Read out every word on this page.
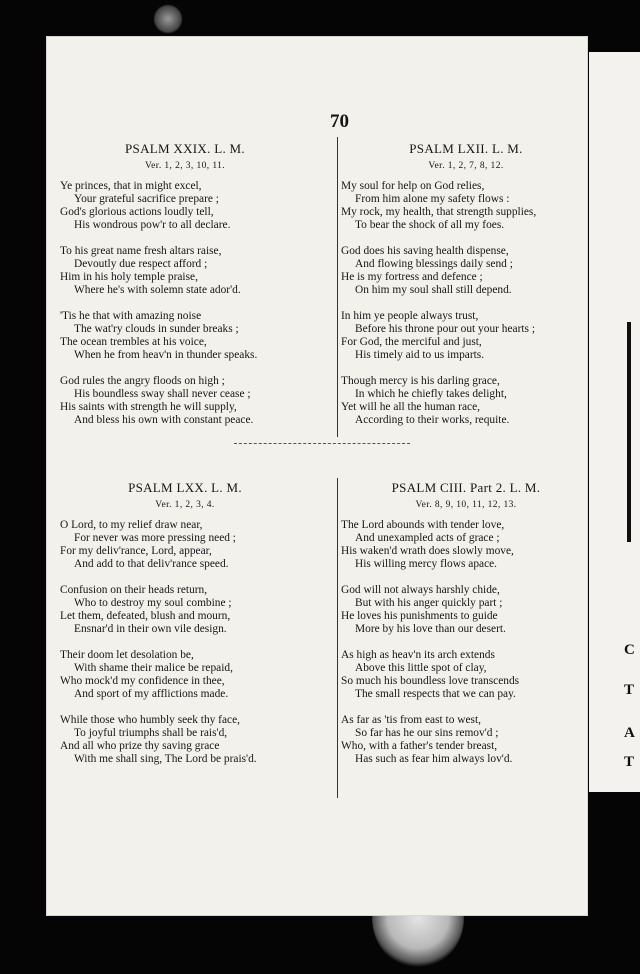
C
T
A
T
70
PSALM XXIX. L. M.
Ver. 1, 2, 3, 10, 11.
Ye princes, that in might excel,
Your grateful sacrifice prepare ;
God's glorious actions loudly tell,
His wondrous pow'r to all declare.
To his great name fresh altars raise,
Devoutly due respect afford ;
Him in his holy temple praise,
Where he's with solemn state ador'd.
'Tis he that with amazing noise
The wat'ry clouds in sunder breaks ;
The ocean trembles at his voice,
When he from heav'n in thunder speaks.
God rules the angry floods on high ;
His boundless sway shall never cease ;
His saints with strength he will supply,
And bless his own with constant peace.
PSALM LXII. L. M.
Ver. 1, 2, 7, 8, 12.
My soul for help on God relies,
From him alone my safety flows :
My rock, my health, that strength supplies,
To bear the shock of all my foes.
God does his saving health dispense,
And flowing blessings daily send ;
He is my fortress and defence ;
On him my soul shall still depend.
In him ye people always trust,
Before his throne pour out your hearts ;
For God, the merciful and just,
His timely aid to us imparts.
Though mercy is his darling grace,
In which he chiefly takes delight,
Yet will he all the human race,
According to their works, requite.
PSALM LXX. L. M.
Ver. 1, 2, 3, 4.
O Lord, to my relief draw near,
For never was more pressing need ;
For my deliv'rance, Lord, appear,
And add to that deliv'rance speed.
Confusion on their heads return,
Who to destroy my soul combine ;
Let them, defeated, blush and mourn,
Ensnar'd in their own vile design.
Their doom let desolation be,
With shame their malice be repaid,
Who mock'd my confidence in thee,
And sport of my afflictions made.
While those who humbly seek thy face,
To joyful triumphs shall be rais'd,
And all who prize thy saving grace
With me shall sing, The Lord be prais'd.
PSALM CIII. Part 2. L. M.
Ver. 8, 9, 10, 11, 12, 13.
The Lord abounds with tender love,
And unexampled acts of grace ;
His waken'd wrath does slowly move,
His willing mercy flows apace.
God will not always harshly chide,
But with his anger quickly part ;
He loves his punishments to guide
More by his love than our desert.
As high as heav'n its arch extends
Above this little spot of clay,
So much his boundless love transcends
The small respects that we can pay.
As far as 'tis from east to west,
So far has he our sins remov'd ;
Who, with a father's tender breast,
Has such as fear him always lov'd.
